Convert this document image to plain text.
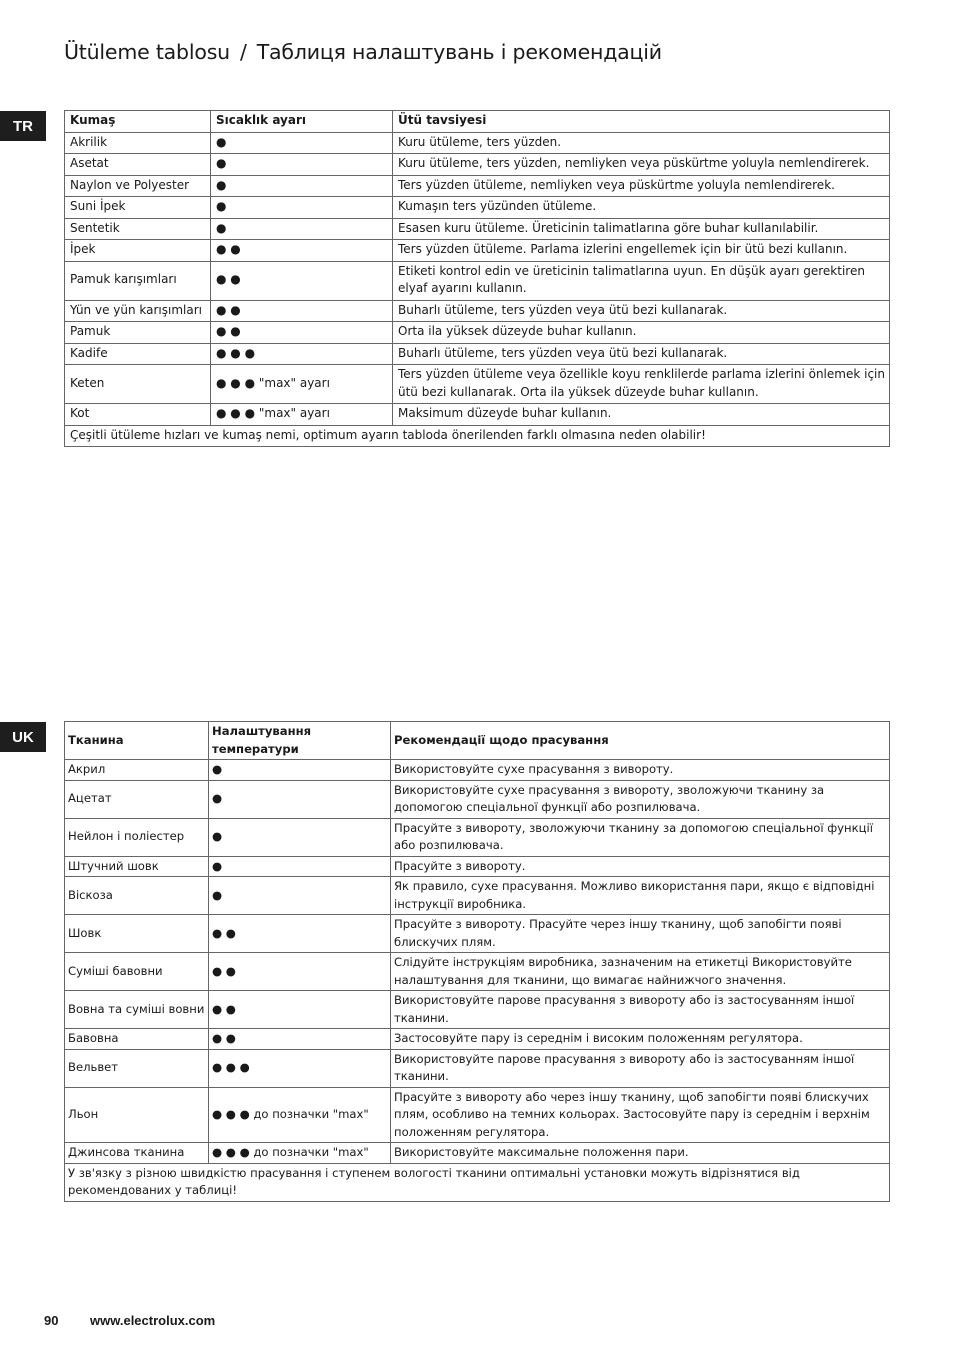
Ütüleme tablosu / Таблиця налаштувань і рекомендацій
TR
UK
Kumaş	Sıcaklık ayarı	Ütü tavsiyesi
Akrilik	●	Kuru ütüleme, ters yüzden.
Asetat	●	Kuru ütüleme, ters yüzden, nemliyken veya püskürtme yoluyla nemlendirerek.
Naylon ve Polyester	●	Ters yüzden ütüleme, nemliyken veya püskürtme yoluyla nemlendirerek.
Suni İpek	●	Kumaşın ters yüzünden ütüleme.
Sentetik	●	Esasen kuru ütüleme. Üreticinin talimatlarına göre buhar kullanılabilir.
İpek	● ●	Ters yüzden ütüleme. Parlama izlerini engellemek için bir ütü bezi kullanın.
Pamuk karışımları	● ●	Etiketi kontrol edin ve üreticinin talimatlarına uyun. En düşük ayarı gerektiren elyaf ayarını kullanın.
Yün ve yün karışımları	● ●	Buharlı ütüleme, ters yüzden veya ütü bezi kullanarak.
Pamuk	● ●	Orta ila yüksek düzeyde buhar kullanın.
Kadife	● ● ●	Buharlı ütüleme, ters yüzden veya ütü bezi kullanarak.
Keten	● ● ● "max" ayarı	Ters yüzden ütüleme veya özellikle koyu renklilerde parlama izlerini önlemek için ütü bezi kullanarak. Orta ila yüksek düzeyde buhar kullanın.
Kot	● ● ● "max" ayarı	Maksimum düzeyde buhar kullanın.
Çeşitli ütüleme hızları ve kumaş nemi, optimum ayarın tabloda önerilenden farklı olmasına neden olabilir!		
Тканина	Налаштування температури	Рекомендації щодо прасування
Акрил	●	Використовуйте сухе прасування з вивороту.
Ацетат	●	Використовуйте сухе прасування з вивороту, зволожуючи тканину за допомогою спеціальної функції або розпилювача.
Нейлон і поліестер	●	Прасуйте з вивороту, зволожуючи тканину за допомогою спеціальної функції або розпилювача.
Штучний шовк	●	Прасуйте з вивороту.
Віскоза	●	Як правило, сухе прасування. Можливо використання пари, якщо є відповідні інструкції виробника.
Шовк	● ●	Прасуйте з вивороту. Прасуйте через іншу тканину, щоб запобігти появі блискучих плям.
Суміші бавовни	● ●	Слідуйте інструкціям виробника, зазначеним на етикетці Використовуйте налаштування для тканини, що вимагає найнижчого значення.
Вовна та суміші вовни	● ●	Використовуйте парове прасування з вивороту або із застосуванням іншої тканини.
Бавовна	● ●	Застосовуйте пару із середнім і високим положенням регулятора.
Вельвет	● ● ●	Використовуйте парове прасування з вивороту або із застосуванням іншої тканини.
Льон	● ● ● до позначки "max"	Прасуйте з вивороту або через іншу тканину, щоб запобігти появі блискучих плям, особливо на темних кольорах. Застосовуйте пару із середнім і верхнім положенням регулятора.
Джинсова тканина	● ● ● до позначки "max"	Використовуйте максимальне положення пари.
У зв'язку з різною швидкістю прасування і ступенем вологості тканини оптимальні установки можуть відрізнятися від рекомендованих у таблиці!		
90 www.electrolux.com
